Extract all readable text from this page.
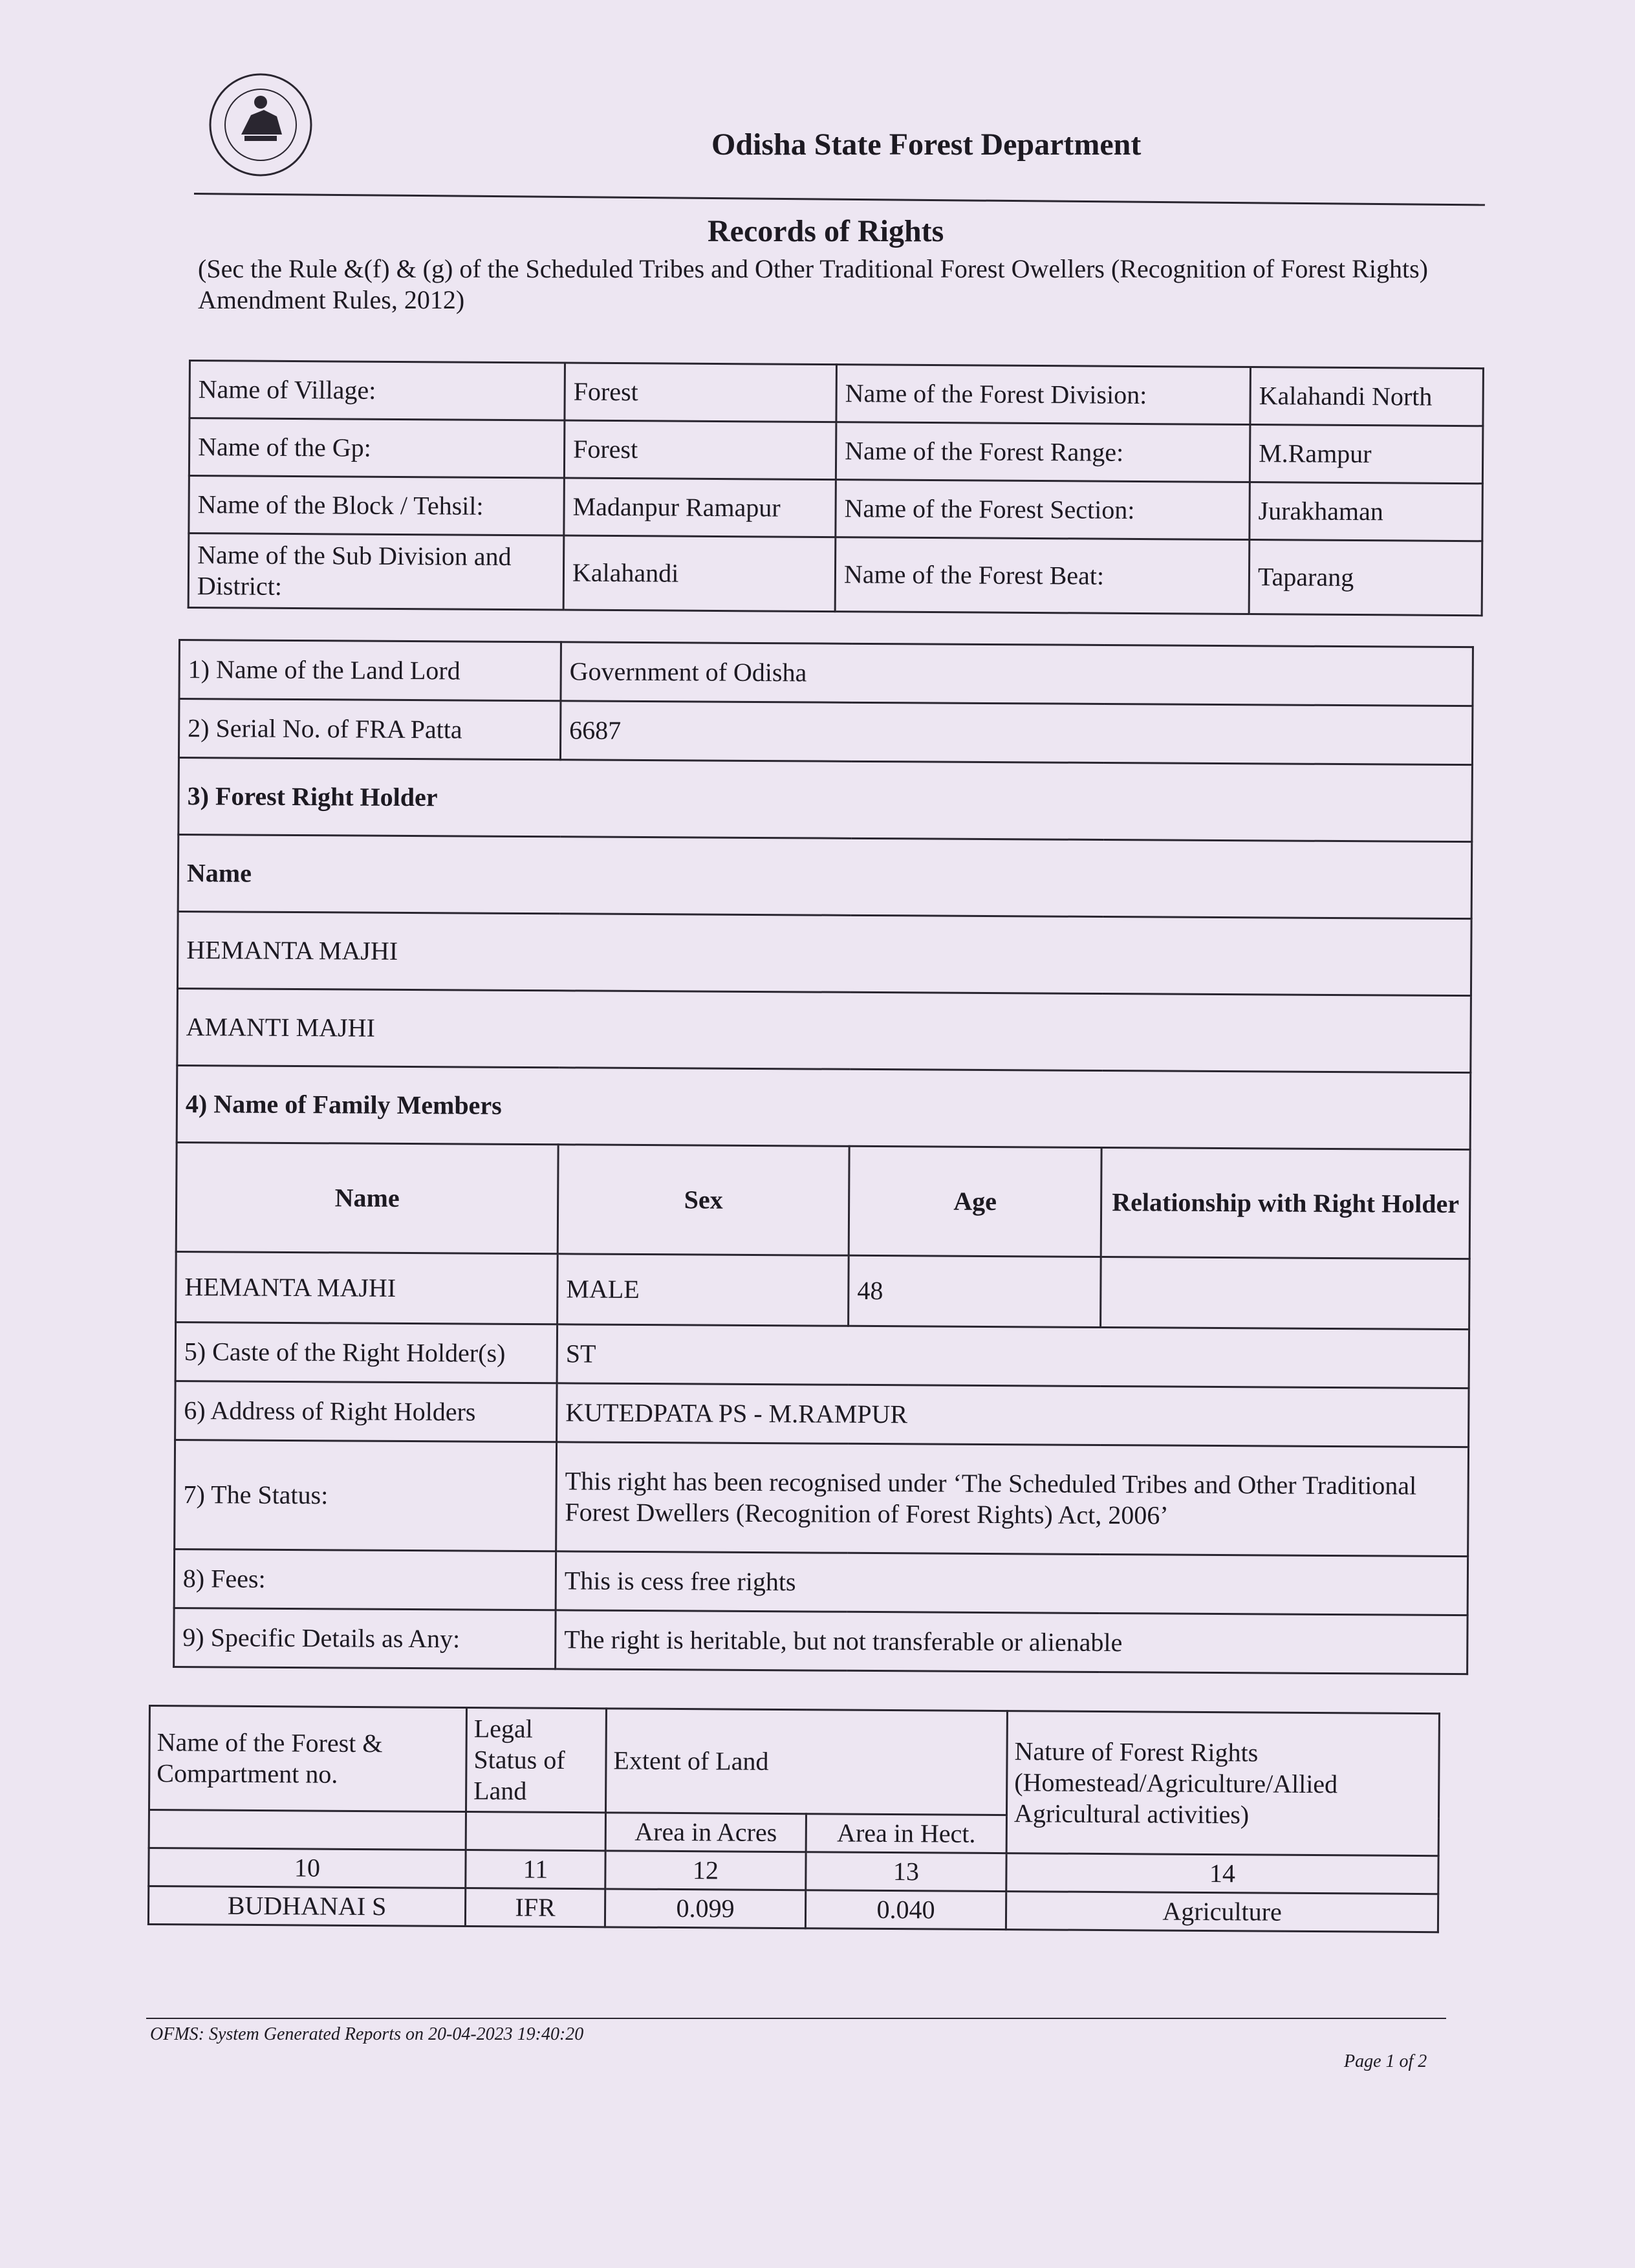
Odisha State Forest Department
Records of Rights
(Sec the Rule &(f) & (g) of the Scheduled Tribes and Other Traditional Forest Owellers (Recognition of Forest Rights) Amendment Rules, 2012)
Name of Village:	Forest	Name of the Forest Division:	Kalahandi North
Name of the Gp:	Forest	Name of the Forest Range:	M.Rampur
Name of the Block / Tehsil:	Madanpur Ramapur	Name of the Forest Section:	Jurakhaman
Name of the Sub Division and District:	Kalahandi	Name of the Forest Beat:	Taparang
1) Name of the Land Lord	Government of Odisha		
2) Serial No. of FRA Patta	6687		
3) Forest Right Holder			
Name			
HEMANTA MAJHI			
AMANTI MAJHI			
4) Name of Family Members			
Name	Sex	Age	Relationship with Right Holder
HEMANTA MAJHI	MALE	48	
5) Caste of the Right Holder(s)	ST		
6) Address of Right Holders	KUTEDPATA PS - M.RAMPUR		
7) The Status:	This right has been recognised under ‘The Scheduled Tribes and Other Traditional
Forest Dwellers (Recognition of Forest Rights) Act, 2006’		

8) Fees:	This is cess free rights		
9) Specific Details as Any:	The right is heritable, but not transferable or alienable		
Name of the Forest & Compartment no.	Legal Status of Land	Extent of Land		Nature of Forest Rights (Homestead/Agriculture/Allied Agricultural activities)
		Area in Acres	Area in Hect.	
10	11	12	13	14
BUDHANAI S	IFR	0.099	0.040	Agriculture
OFMS: System Generated Reports on 20-04-2023 19:40:20
Page 1 of 2
